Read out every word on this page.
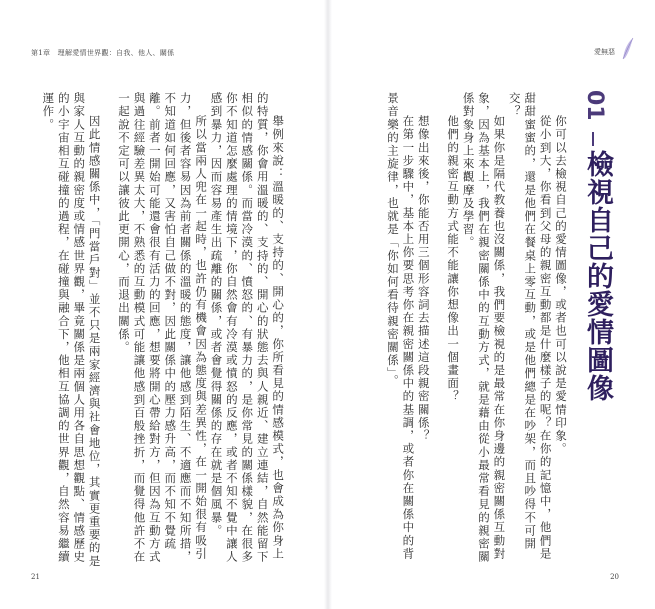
第1章　理解愛情世界觀：自我、他人、關係	愛無惡
01
檢視自己的愛情圖像

你可以去檢視自己的愛情圖像，或者也可以說是愛情印象。

從小到大，你看到父母的親密互動都是什麼樣子的呢？在你的記憶中，他們是甜甜蜜蜜的，還是他們在餐桌上零互動，或是他們總是在吵架，而且吵得不可開交？

如果你是隔代教養也沒關係，我們要檢視的是最常在你身邊的親密關係互動對象，因為基本上，我們在親密關係中的互動方式，就是藉由從小最常看見的親密關係對象身上來觀摩及學習。

他們的親密互動方式能不能讓你想像出一個畫面？

想像出來後，你能否用三個形容詞去描述這段親密關係？

在第一步驟中，基本上你要思考你在親密關係中的基調，或者你在關係中的背景音樂的主旋律，也就是「你如何看待親密關係」。

舉例來說：溫暖的、支持的、開心的，你所看見的情感模式，也會成為你身上的特質，你會用溫暖的、支持的、開心的狀態去與人親近、建立連結，自然能留下相似的情感關係。而當冷漠的、憤怒的、有暴力的，是你常見的關係樣貌，在很多你不知道怎麼處理的情境下，你自然會有冷漠或憤怒的反應，或者不知不覺中讓人感到暴力，因而容易產生出疏離的關係，或者會覺得關係的存在就是個風暴。

所以當兩人兜在一起時，也許仍有機會因為態度與差異性，在一開始很有吸引力，但後者容易因為前者關係的溫暖的態度，讓他感到陌生、不適應而不知所措，不知道如何回應，又害怕自己做不對，因此關係中的壓力感升高，而不知不覺疏離。前者一開始可能還會很有活力的回應，想要將開心帶給對方，但因為互動方式與過往經驗差異太大，不熟悉的互動模式可能讓他感到百般挫折，而覺得他許不在一起說不定可以讓彼此更開心，而退出關係。

因此情感關係中，「門當戶對」並不只是兩家經濟與社會地位，其實更重要的是與家人互動的親密度或情感世界觀，畢竟關係是兩個人用各自思想觀點、情感歷史的小宇宙相互碰撞的過程，在碰撞與融合下，他相互協調的世界觀，自然容易繼續運作。

21	20
